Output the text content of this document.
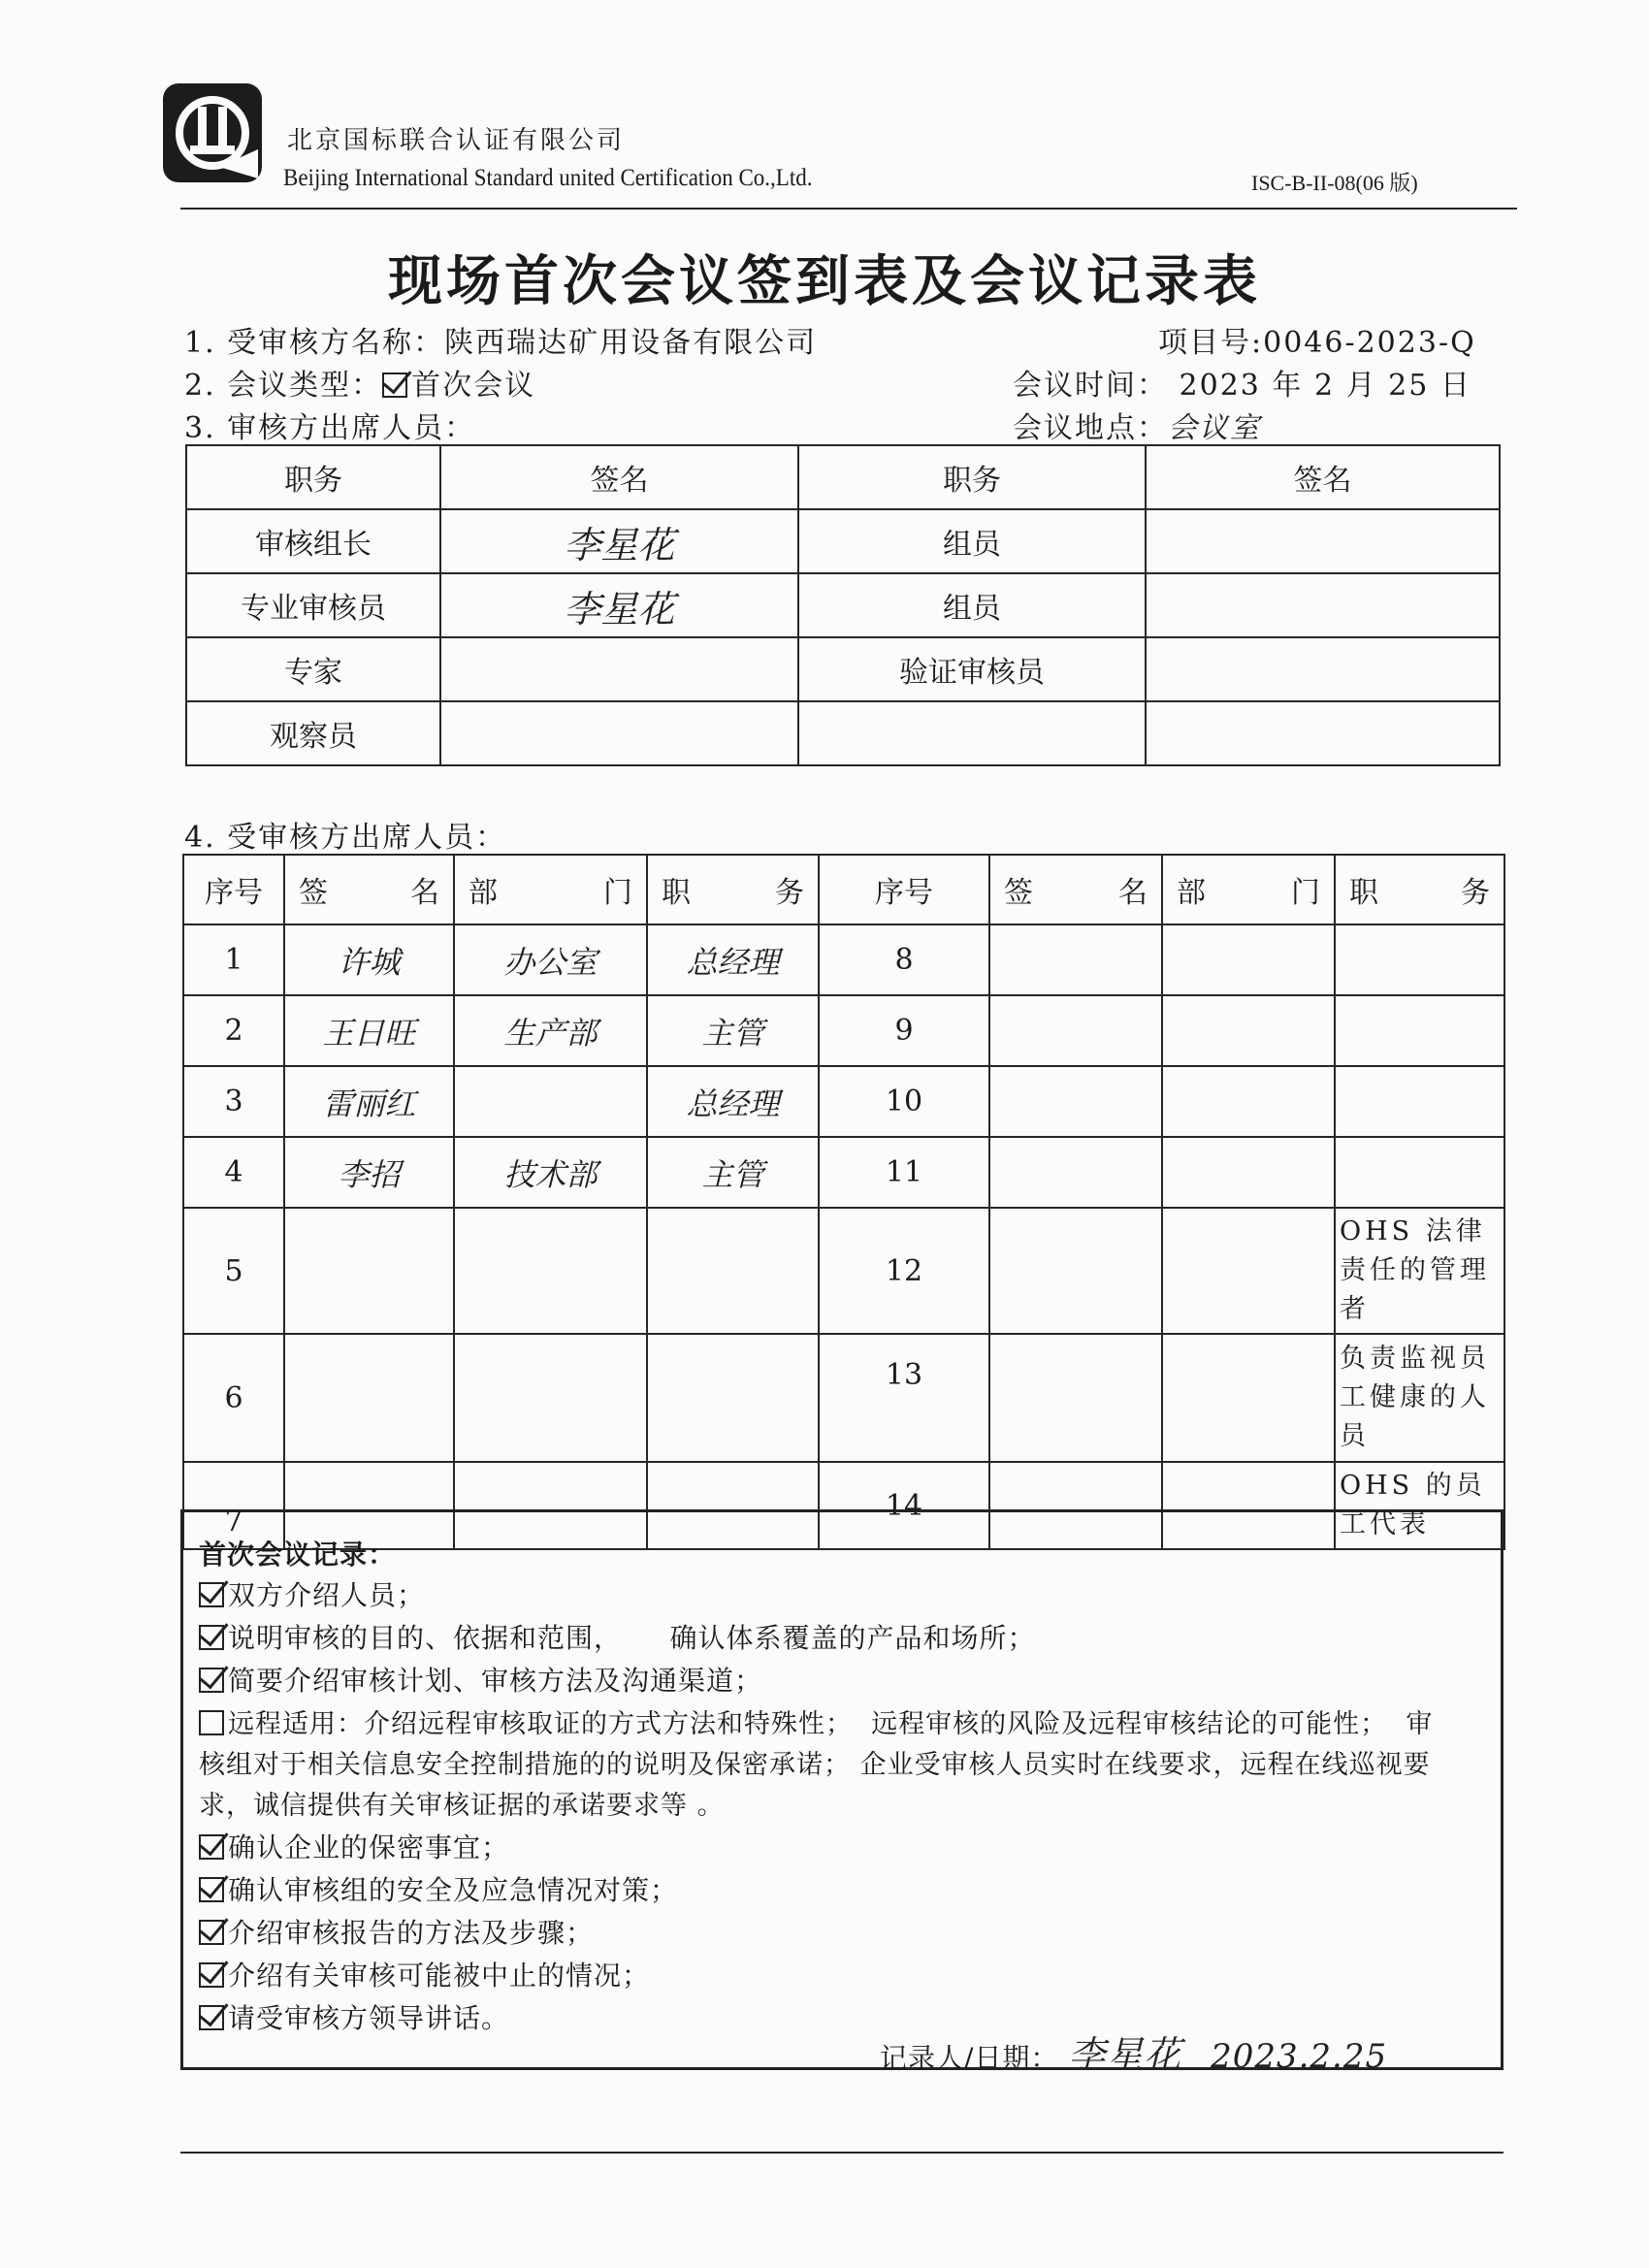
北京国标联合认证有限公司
Beijing International Standard united Certification Co.,Ltd.	ISC-B-II-08(06 版)
现场首次会议签到表及会议记录表
1. 受审核方名称：陕西瑞达矿用设备有限公司	项目号:0046-2023-Q
2. 会议类型： 首次会议	会议时间： 2023 年 2 月 25 日
3. 审核方出席人员：	会议地点：会议室
职务	签名	职务	签名
审核组长	李星花	组员	
专业审核员	李星花	组员	
专家		验证审核员	
观察员			
4. 受审核方出席人员：
序号	签 名	部 门	职 务	序号	签 名	部 门	职 务

1	许城	办公室	总经理	8			
2	王日旺	生产部	主管	9			
3	雷丽红		总经理	10			
4	李招	技术部	主管	11			
5				12			OHS 法律责任的管理者
6				13			负责监视员工健康的人员
7				14			OHS 的员工代表
首次会议记录：
双方介绍人员；
说明审核的目的、依据和范围，     确认体系覆盖的产品和场所；
简要介绍审核计划、审核方法及沟通渠道；
远程适用：介绍远程审核取证的方式方法和特殊性；  远程审核的风险及远程审核结论的可能性；  审
核组对于相关信息安全控制措施的的说明及保密承诺； 企业受审核人员实时在线要求，远程在线巡视要
求，诚信提供有关审核证据的承诺要求等 。
确认企业的保密事宜；
确认审核组的安全及应急情况对策；
介绍审核报告的方法及步骤；
介绍有关审核可能被中止的情况；
请受审核方领导讲话。
记录人/日期： 李星花 2023.2.25
